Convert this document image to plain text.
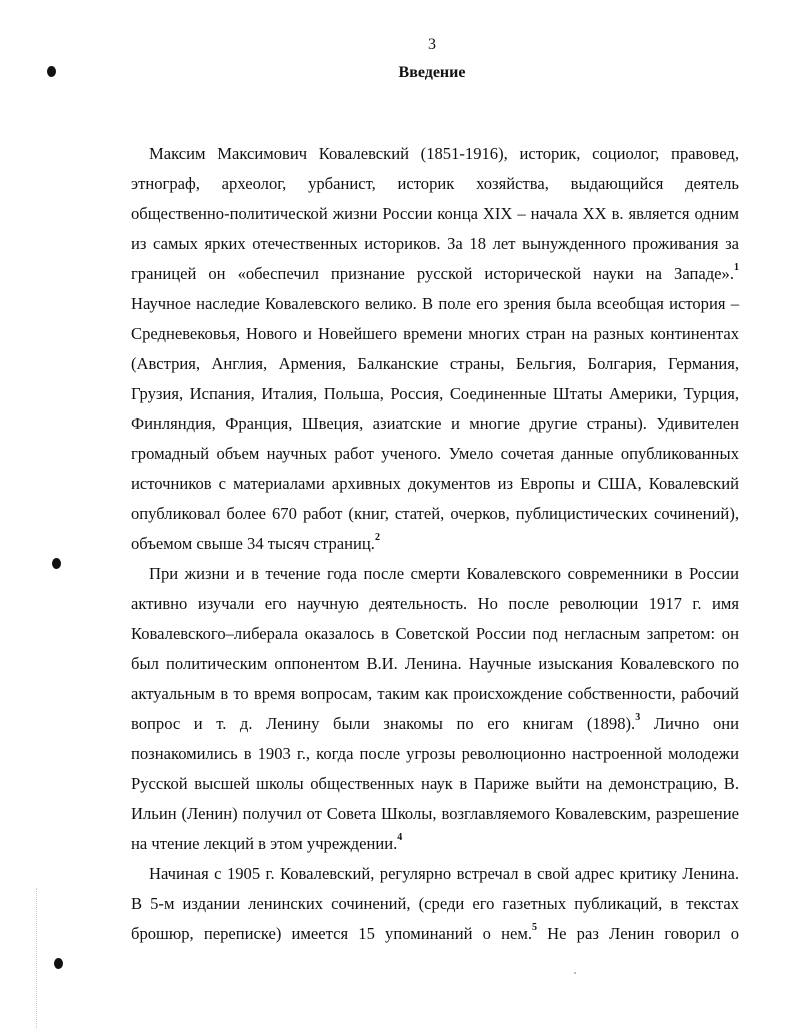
3
Введение
Максим Максимович Ковалевский (1851-1916), историк, социолог, правовед,
этнограф, археолог, урбанист, историк хозяйства, выдающийся деятель
общественно-политической жизни России конца XIX – начала XX в. является одним
из самых ярких отечественных историков. За 18 лет вынужденного проживания за
границей он «обеспечил признание русской исторической науки на Западе».$^1$
Научное наследие Ковалевского велико. В поле его зрения была всеобщая история –
Средневековья, Нового и Новейшего времени многих стран на разных континентах
(Австрия, Англия, Армения, Балканские страны, Бельгия, Болгария, Германия,
Грузия, Испания, Италия, Польша, Россия, Соединенные Штаты Америки, Турция,
Финляндия, Франция, Швеция, азиатские и многие другие страны). Удивителен
громадный объем научных работ ученого. Умело сочетая данные опубликованных
источников с материалами архивных документов из Европы и США, Ковалевский
опубликовал более 670 работ (книг, статей, очерков, публицистических сочинений),
объемом свыше 34 тысяч страниц.$^2$
При жизни и в течение года после смерти Ковалевского современники в России
активно изучали его научную деятельность. Но после революции 1917 г. имя
Ковалевского–либерала оказалось в Советской России под негласным запретом: он
был политическим оппонентом В.И. Ленина. Научные изыскания Ковалевского по
актуальным в то время вопросам, таким как происхождение собственности, рабочий
вопрос и т. д. Ленину были знакомы по его книгам (1898).$^3$ Лично они
познакомились в 1903 г., когда после угрозы революционно настроенной молодежи
Русской высшей школы общественных наук в Париже выйти на демонстрацию, В.
Ильин (Ленин) получил от Совета Школы, возглавляемого Ковалевским, разрешение
на чтение лекций в этом учреждении.$^4$
Начиная с 1905 г. Ковалевский, регулярно встречал в свой адрес критику Ленина.
В 5-м издании ленинских сочинений, (среди его газетных публикаций, в текстах
брошюр, переписке) имеется 15 упоминаний о нем.$^5$ Не раз Ленин говорил о
